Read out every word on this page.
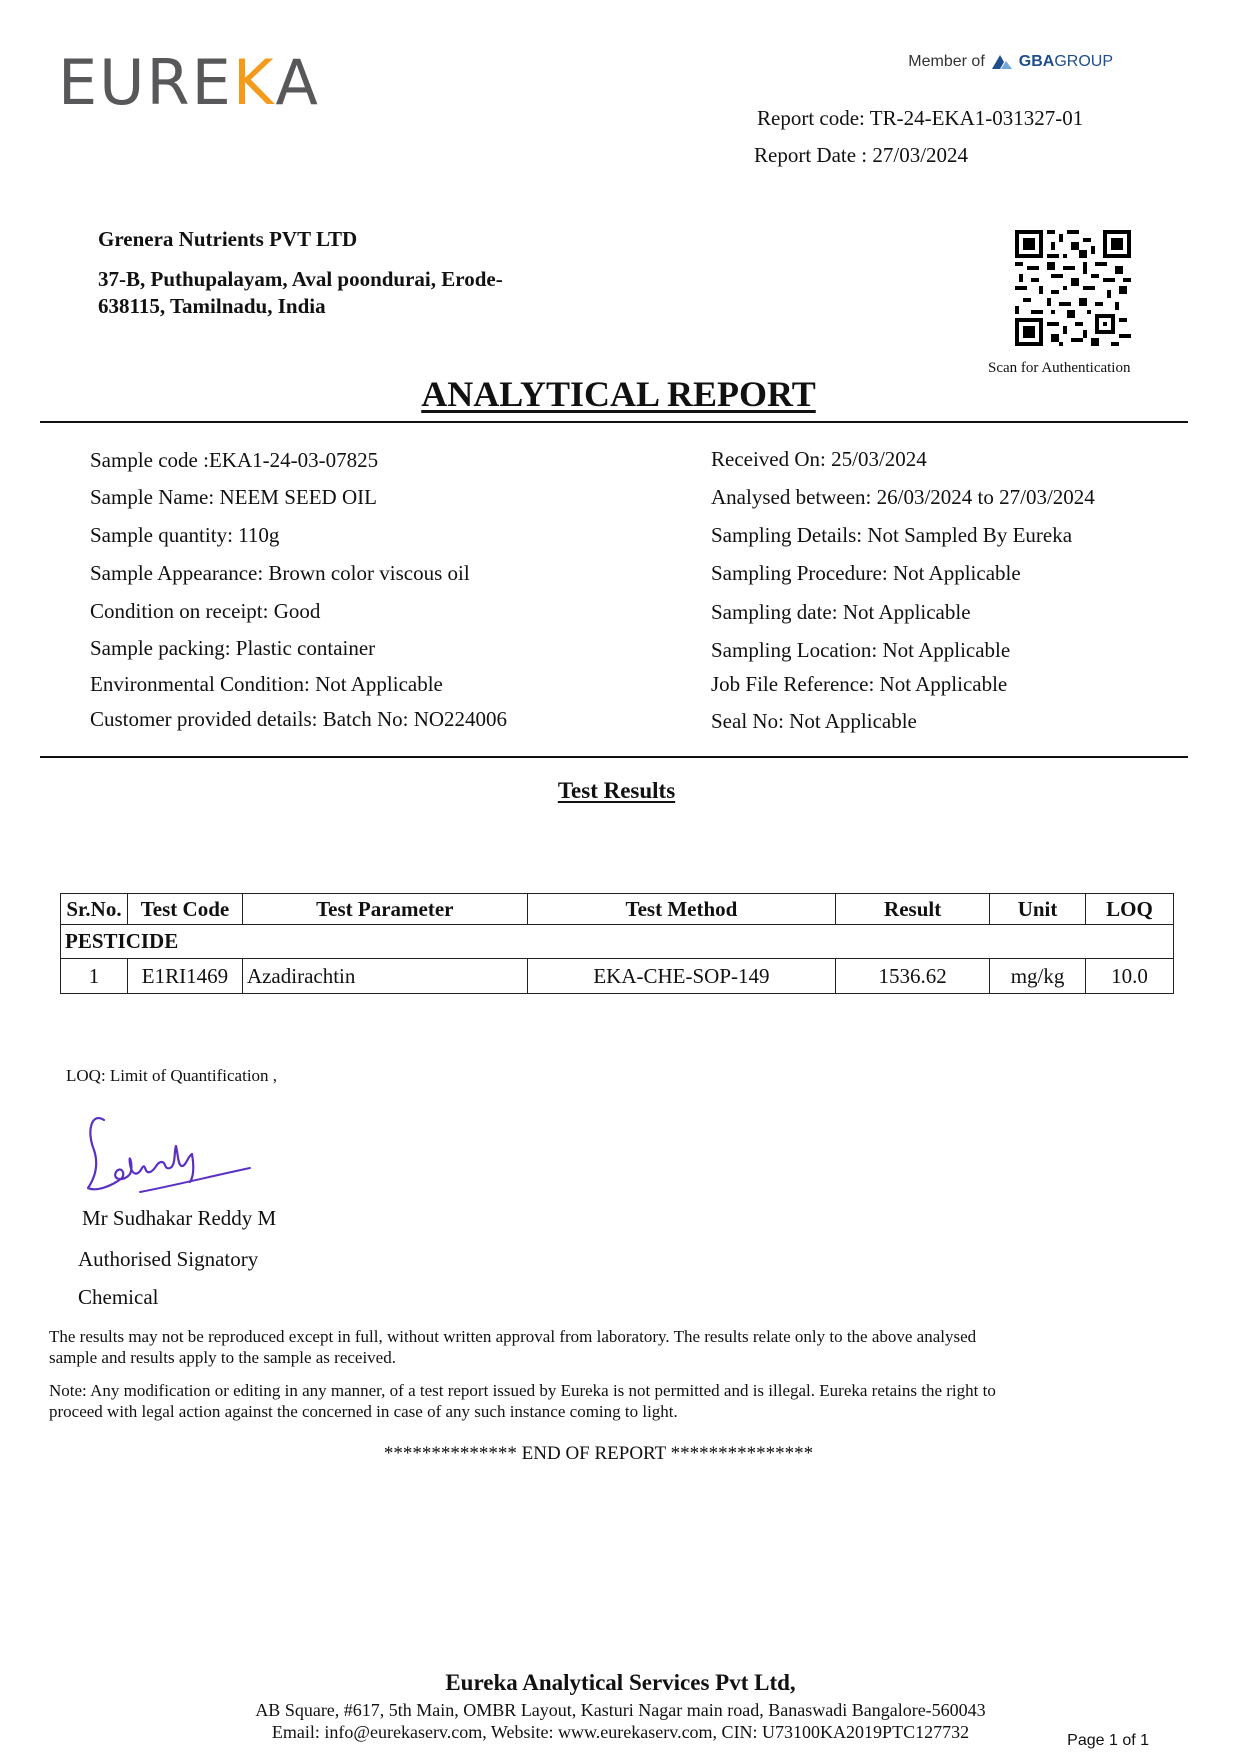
EURE K A	Member of GBAGROUP
Report code: TR-24-EKA1-031327-01
Report Date : 27/03/2024
Grenera Nutrients PVT LTD
37-B, Puthupalayam, Aval poondurai, Erode-
638115, Tamilnadu, India
Scan for Authentication
ANALYTICAL REPORT
Sample code :EKA1-24-03-07825
Sample Name: NEEM SEED OIL
Sample quantity: 110g
Sample Appearance: Brown color viscous oil
Condition on receipt: Good
Sample packing: Plastic container
Environmental Condition: Not Applicable
Customer provided details: Batch No: NO224006
Received On: 25/03/2024
Analysed between: 26/03/2024 to 27/03/2024
Sampling Details: Not Sampled By Eureka
Sampling Procedure: Not Applicable
Sampling date: Not Applicable
Sampling Location: Not Applicable
Job File Reference: Not Applicable
Seal No: Not Applicable
Test Results
Sr.No.	Test Code	Test Parameter	Test Method	Result	Unit	LOQ
PESTICIDE						
1	E1RI1469	Azadirachtin	EKA-CHE-SOP-149	1536.62	mg/kg	10.0
LOQ: Limit of Quantification ,
Mr Sudhakar Reddy M
Authorised Signatory
Chemical
The results may not be reproduced except in full, without written approval from laboratory. The results relate only to the above analysed
sample and results apply to the sample as received.
Note: Any modification or editing in any manner, of a test report issued by Eureka is not permitted and is illegal. Eureka retains the right to
proceed with legal action against the concerned in case of any such instance coming to light.
************** END OF REPORT ***************
Eureka Analytical Services Pvt Ltd,
AB Square, #617, 5th Main, OMBR Layout, Kasturi Nagar main road, Banaswadi Bangalore-560043
Email: info@eurekaserv.com, Website: www.eurekaserv.com, CIN: U73100KA2019PTC127732	Page 1 of 1
